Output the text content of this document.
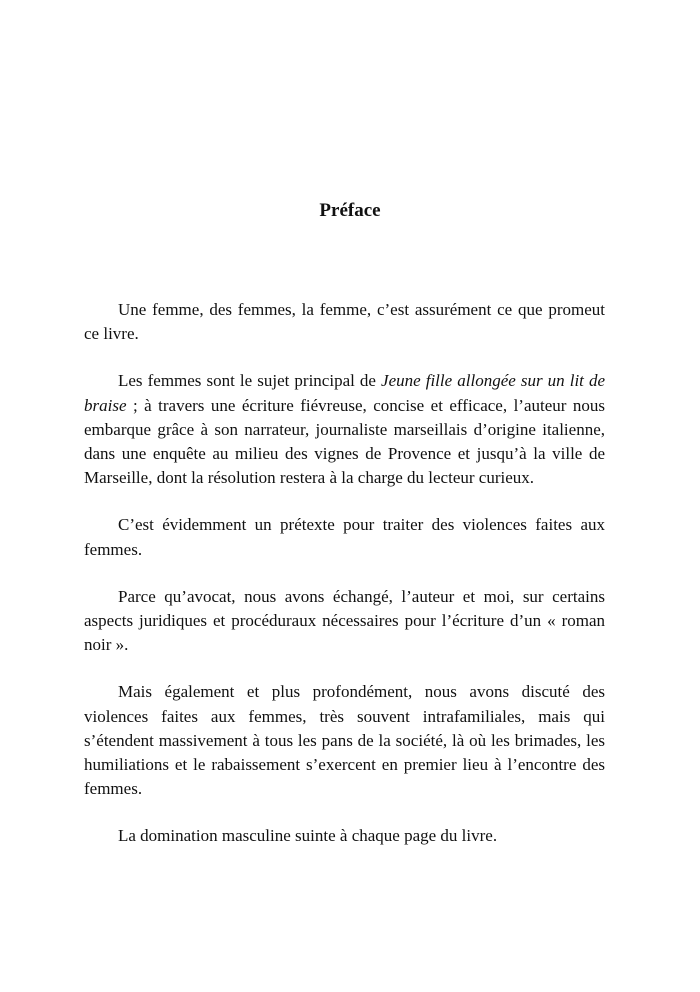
Préface

Une femme, des femmes, la femme, c’est assurément ce que promeut ce livre.

Les femmes sont le sujet principal de Jeune fille allongée sur un lit de braise ; à travers une écriture fiévreuse, concise et efficace, l’auteur nous embarque grâce à son narrateur, journaliste marseillais d’origine italienne, dans une enquête au milieu des vignes de Provence et jusqu’à la ville de Marseille, dont la résolution restera à la charge du lecteur curieux.

C’est évidemment un prétexte pour traiter des violences faites aux femmes.

Parce qu’avocat, nous avons échangé, l’auteur et moi, sur certains aspects juridiques et procéduraux nécessaires pour l’écriture d’un « roman noir ».

Mais également et plus profondément, nous avons discuté des violences faites aux femmes, très souvent intrafamiliales, mais qui s’étendent massivement à tous les pans de la société, là où les brimades, les humiliations et le rabaissement s’exercent en premier lieu à l’encontre des femmes.

La domination masculine suinte à chaque page du livre.
